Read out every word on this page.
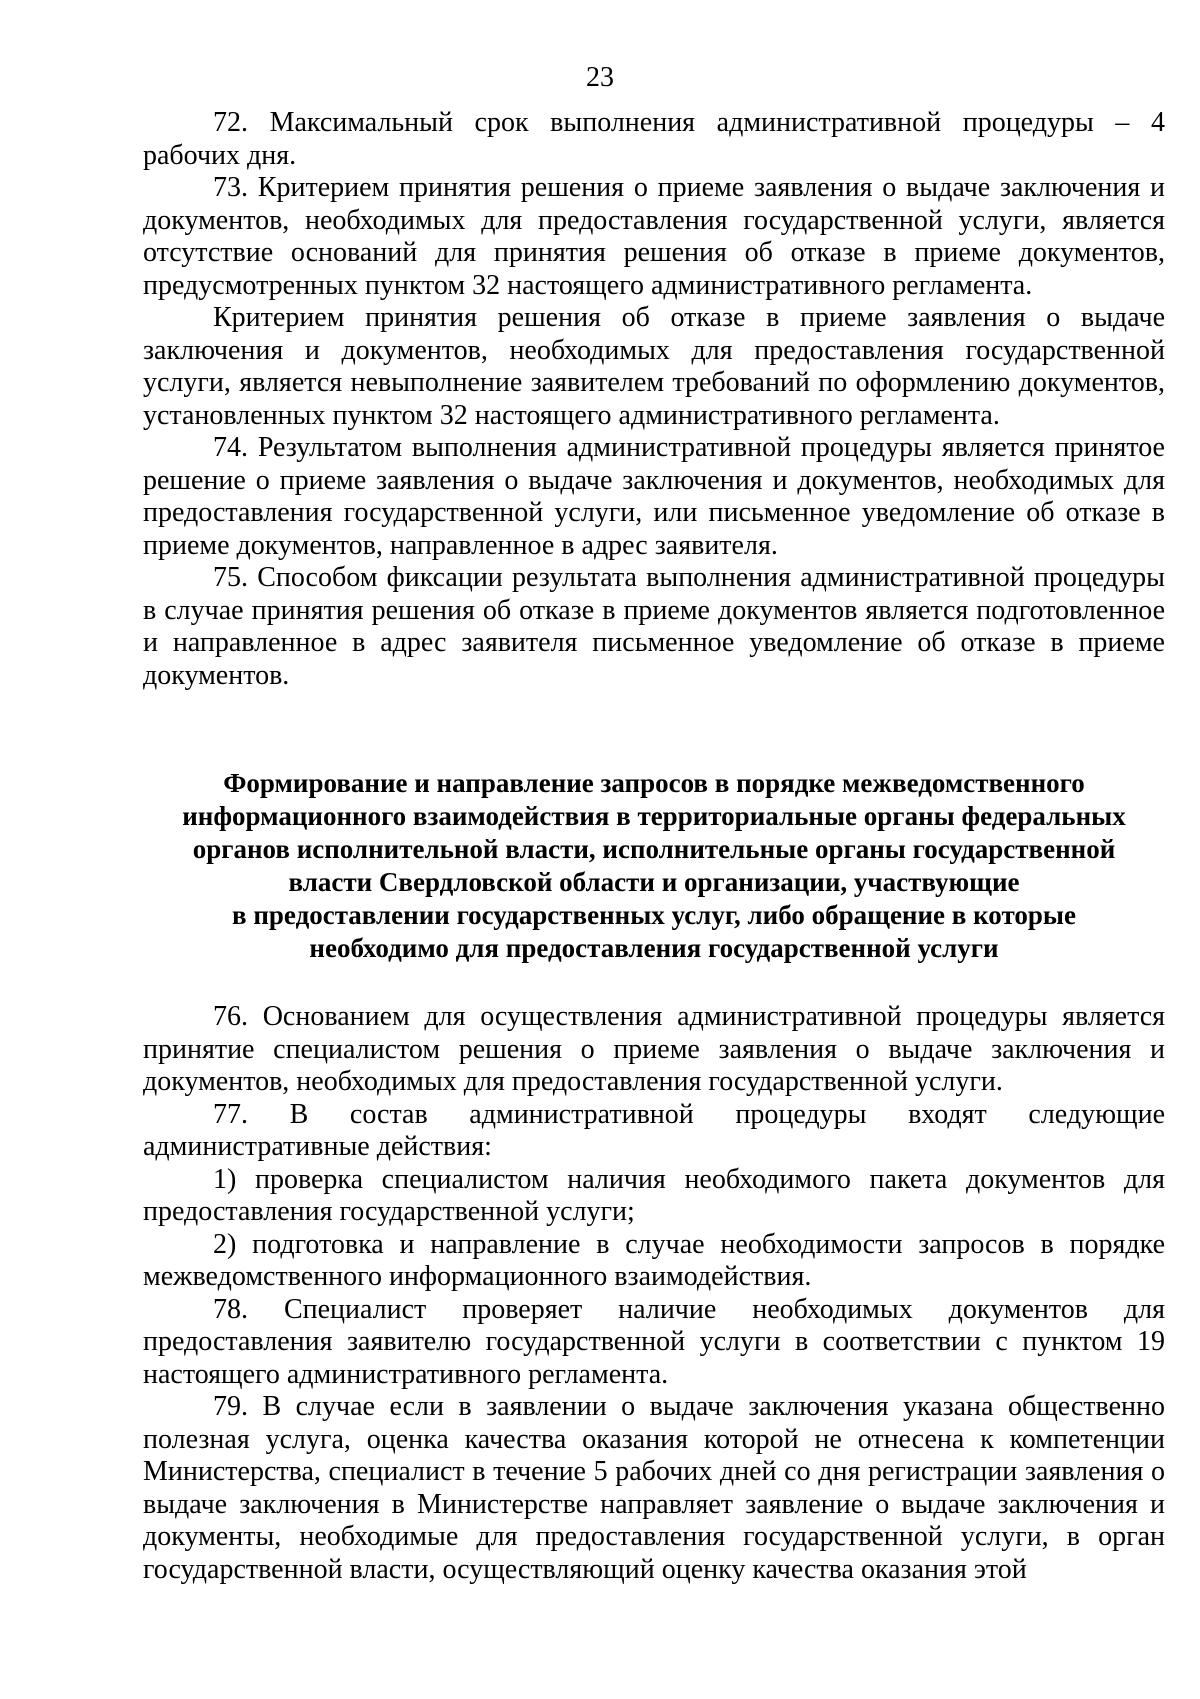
23

72. Максимальный срок выполнения административной процедуры – 4 рабочих дня.

73. Критерием принятия решения о приеме заявления о выдаче заключения и документов, необходимых для предоставления государственной услуги, является отсутствие оснований для принятия решения об отказе в приеме документов, предусмотренных пунктом 32 настоящего административного регламента.

Критерием принятия решения об отказе в приеме заявления о выдаче заключения и документов, необходимых для предоставления государственной услуги, является невыполнение заявителем требований по оформлению документов, установленных пунктом 32 настоящего административного регламента.

74. Результатом выполнения административной процедуры является принятое решение о приеме заявления о выдаче заключения и документов, необходимых для предоставления государственной услуги, или письменное уведомление об отказе в приеме документов, направленное в адрес заявителя.

75. Способом фиксации результата выполнения административной процедуры в случае принятия решения об отказе в приеме документов является подготовленное и направленное в адрес заявителя письменное уведомление об отказе в приеме документов.

Формирование и направление запросов в порядке межведомственного
информационного взаимодействия в территориальные органы федеральных
органов исполнительной власти, исполнительные органы государственной
власти Свердловской области и организации, участвующие
в предоставлении государственных услуг, либо обращение в которые
необходимо для предоставления государственной услуги

76. Основанием для осуществления административной процедуры является принятие специалистом решения о приеме заявления о выдаче заключения и документов, необходимых для предоставления государственной услуги.

77. В состав административной процедуры входят следующие административные действия:

1) проверка специалистом наличия необходимого пакета документов для предоставления государственной услуги;

2) подготовка и направление в случае необходимости запросов в порядке межведомственного информационного взаимодействия.

78. Специалист проверяет наличие необходимых документов для предоставления заявителю государственной услуги в соответствии с пунктом 19 настоящего административного регламента.

79. В случае если в заявлении о выдаче заключения указана общественно полезная услуга, оценка качества оказания которой не отнесена к компетенции Министерства, специалист в течение 5 рабочих дней со дня регистрации заявления о выдаче заключения в Министерстве направляет заявление о выдаче заключения и документы, необходимые для предоставления государственной услуги, в орган государственной власти, осуществляющий оценку качества оказания этой
